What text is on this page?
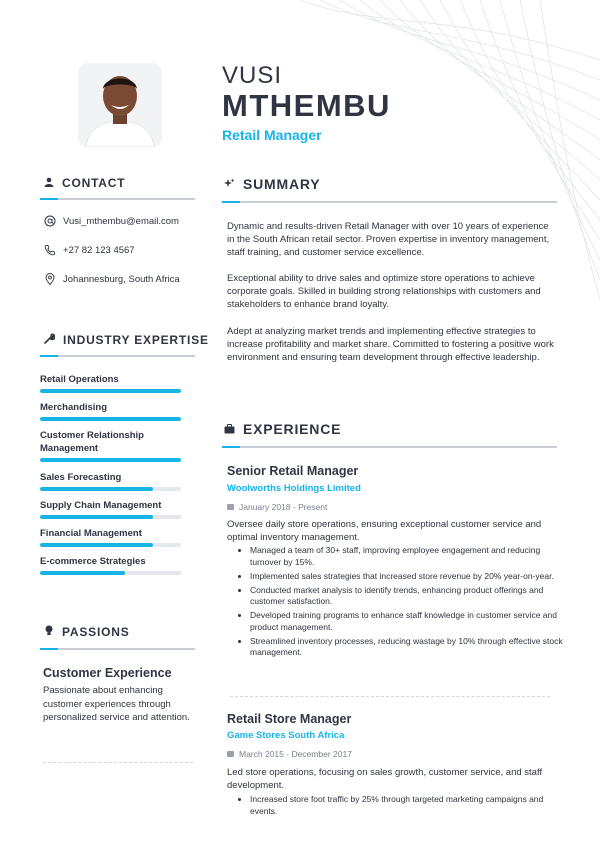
VUSI
MTHEMBU
Retail Manager
CONTACT
Vusi_mthembu@email.com
+27 82 123 4567
Johannesburg, South Africa
INDUSTRY EXPERTISE
Retail Operations
Merchandising
Customer Relationship Management
Sales Forecasting
Supply Chain Management
Financial Management
E-commerce Strategies
PASSIONS
Customer Experience
Passionate about enhancing customer experiences through personalized service and attention.
SUMMARY
Dynamic and results-driven Retail Manager with over 10 years of experience in the South African retail sector. Proven expertise in inventory management, staff training, and customer service excellence.
Exceptional ability to drive sales and optimize store operations to achieve corporate goals. Skilled in building strong relationships with customers and stakeholders to enhance brand loyalty.
Adept at analyzing market trends and implementing effective strategies to increase profitability and market share. Committed to fostering a positive work environment and ensuring team development through effective leadership.
EXPERIENCE
Senior Retail Manager
Woolworths Holdings Limited
January 2018 - Present
Oversee daily store operations, ensuring exceptional customer service and optimal inventory management.
• Managed a team of 30+ staff, improving employee engagement and reducing turnover by 15%.
• Implemented sales strategies that increased store revenue by 20% year-on-year.
• Conducted market analysis to identify trends, enhancing product offerings and customer satisfaction.
• Developed training programs to enhance staff knowledge in customer service and product management.
• Streamlined inventory processes, reducing wastage by 10% through effective stock management.
Retail Store Manager
Game Stores South Africa
March 2015 - December 2017
Led store operations, focusing on sales growth, customer service, and staff development.
• Increased store foot traffic by 25% through targeted marketing campaigns and events.
